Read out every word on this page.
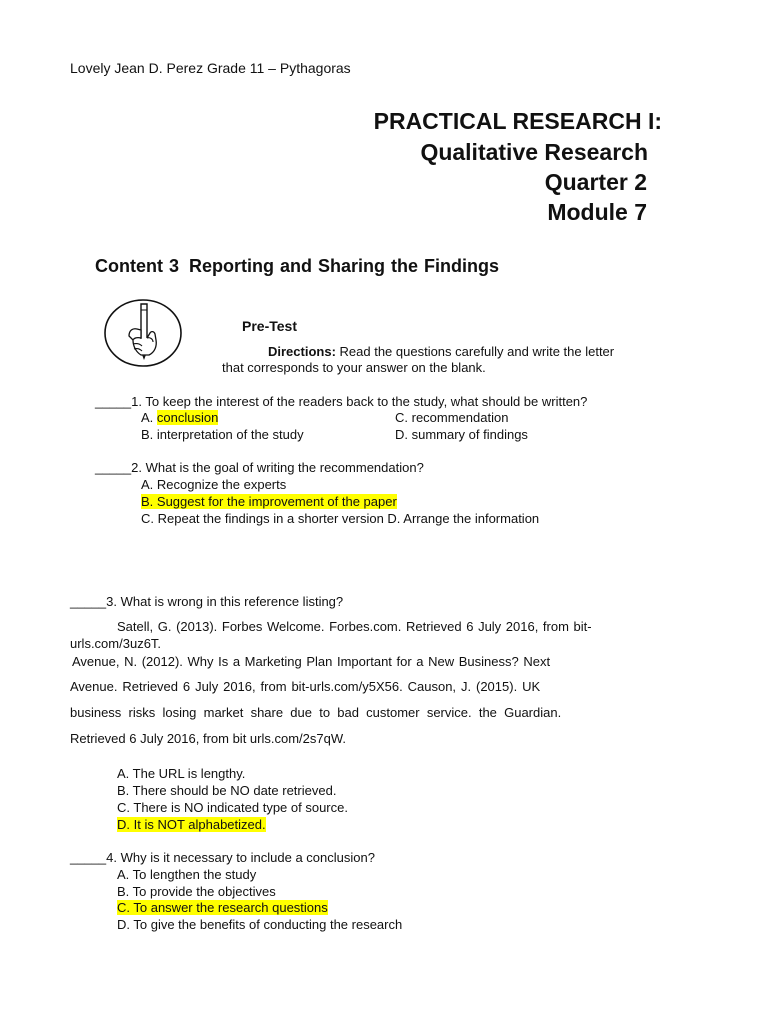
Lovely Jean D. Perez Grade 11 – Pythagoras
PRACTICAL RESEARCH I:
Qualitative Research
Quarter 2
Module 7
Content 3 Reporting and Sharing the Findings
Pre-Test
Directions: Read the questions carefully and write the letter
that corresponds to your answer on the blank.
_____1. To keep the interest of the readers back to the study, what should be written?
A. conclusion	C. recommendation
B. interpretation of the study	D. summary of findings
_____2. What is the goal of writing the recommendation?
A. Recognize the experts
B. Suggest for the improvement of the paper
C. Repeat the findings in a shorter version D. Arrange the information
_____3. What is wrong in this reference listing?
Satell, G. (2013). Forbes Welcome. Forbes.com. Retrieved 6 July 2016, from bit-
urls.com/3uz6T.
Avenue, N. (2012). Why Is a Marketing Plan Important for a New Business? Next
Avenue. Retrieved 6 July 2016, from bit-urls.com/y5X56. Causon, J. (2015). UK
business risks losing market share due to bad customer service. the Guardian.
Retrieved 6 July 2016, from bit urls.com/2s7qW.
A. The URL is lengthy.
B. There should be NO date retrieved.
C. There is NO indicated type of source.
D. It is NOT alphabetized.
_____4. Why is it necessary to include a conclusion?
A. To lengthen the study
B. To provide the objectives
C. To answer the research questions
D. To give the benefits of conducting the research
